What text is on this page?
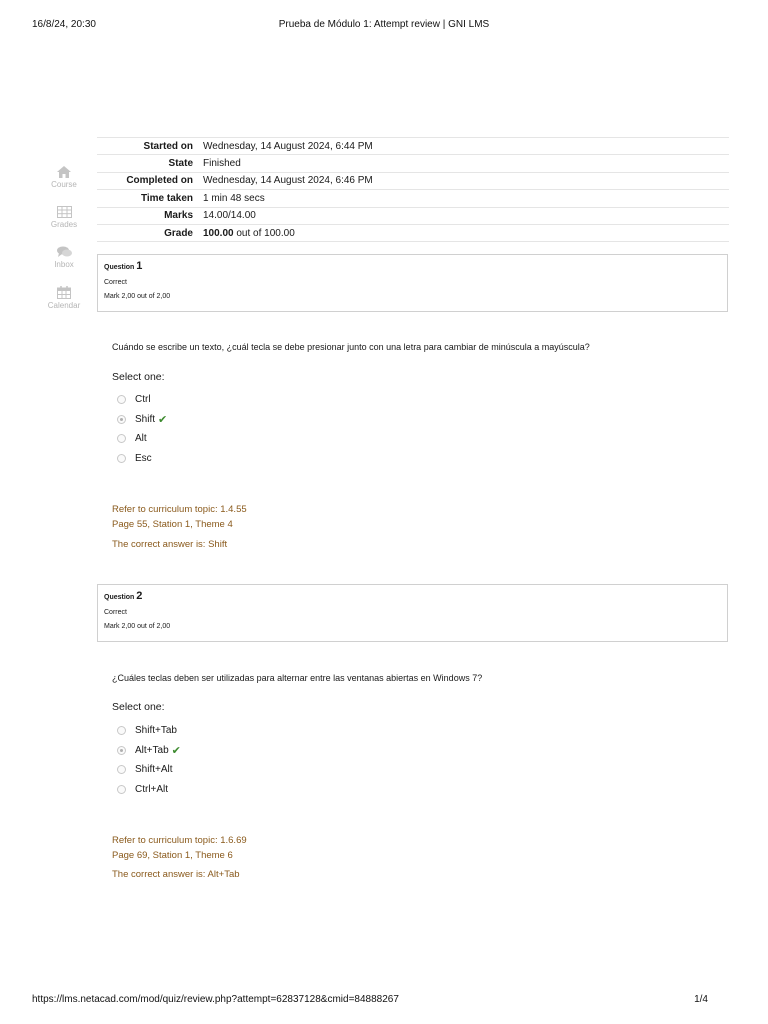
16/8/24, 20:30	Prueba de Módulo 1: Attempt review | GNI LMS
Course
Grades
Inbox
Calendar
Started on	Wednesday, 14 August 2024, 6:44 PM
State	Finished
Completed on	Wednesday, 14 August 2024, 6:46 PM
Time taken	1 min 48 secs
Marks	14.00/14.00
Grade	100.00 out of 100.00
Question 1
Correct
Mark 2,00 out of 2,00
Cuándo se escribe un texto, ¿cuál tecla se debe presionar junto con una letra para cambiar de minúscula a mayúscula?
Select one:
Ctrl
Shift ✔
Alt
Esc
Refer to curriculum topic: 1.4.55
Page 55, Station 1, Theme 4
The correct answer is: Shift
Question 2
Correct
Mark 2,00 out of 2,00
¿Cuáles teclas deben ser utilizadas para alternar entre las ventanas abiertas en Windows 7?
Select one:
Shift+Tab
Alt+Tab ✔
Shift+Alt
Ctrl+Alt
Refer to curriculum topic: 1.6.69
Page 69, Station 1, Theme 6
The correct answer is: Alt+Tab
https://lms.netacad.com/mod/quiz/review.php?attempt=62837128&cmid=84888267	1/4
